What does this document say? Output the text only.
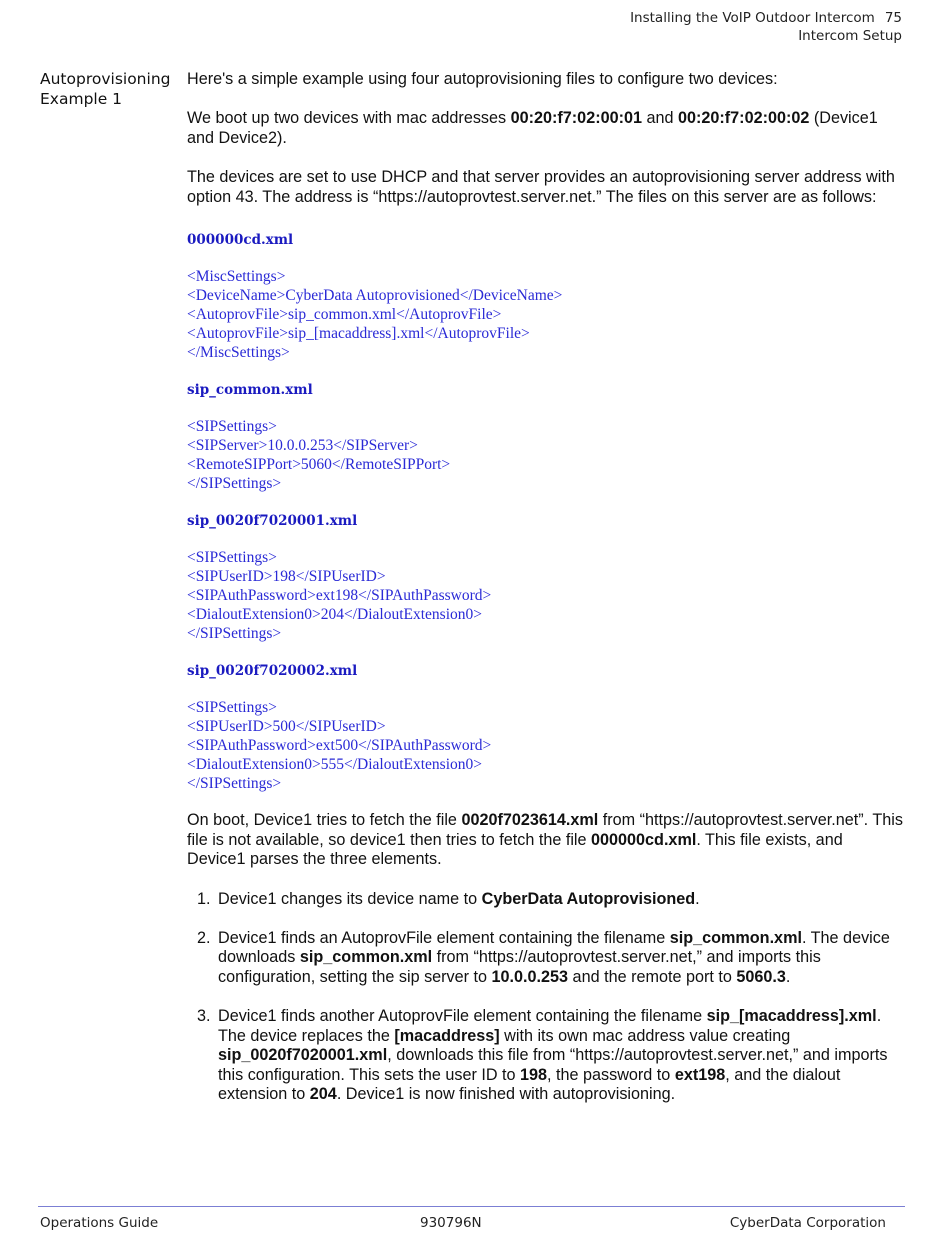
Installing the VoIP Outdoor Intercom 75
Intercom Setup
Autoprovisioning
Example 1

Here's a simple example using four autoprovisioning files to configure two devices:

We boot up two devices with mac addresses 00:20:f7:02:00:01 and 00:20:f7:02:00:02 (Device1 and Device2).

The devices are set to use DHCP and that server provides an autoprovisioning server address with option 43. The address is “https://autoprovtest.server.net.” The files on this server are as follows:

000000cd.xml
<MiscSettings>
<DeviceName>CyberData Autoprovisioned</DeviceName>
<AutoprovFile>sip_common.xml</AutoprovFile>
<AutoprovFile>sip_[macaddress].xml</AutoprovFile>
</MiscSettings>
sip_common.xml
<SIPSettings>
<SIPServer>10.0.0.253</SIPServer>
<RemoteSIPPort>5060</RemoteSIPPort>
</SIPSettings>
sip_0020f7020001.xml
<SIPSettings>
<SIPUserID>198</SIPUserID>
<SIPAuthPassword>ext198</SIPAuthPassword>
<DialoutExtension0>204</DialoutExtension0>
</SIPSettings>
sip_0020f7020002.xml
<SIPSettings>
<SIPUserID>500</SIPUserID>
<SIPAuthPassword>ext500</SIPAuthPassword>
<DialoutExtension0>555</DialoutExtension0>
</SIPSettings>

On boot, Device1 tries to fetch the file 0020f7023614.xml from “https://autoprovtest.server.net”. This file is not available, so device1 then tries to fetch the file 000000cd.xml. This file exists, and Device1 parses the three elements.

1. Device1 changes its device name to CyberData Autoprovisioned.
2. Device1 finds an AutoprovFile element containing the filename sip_common.xml. The device downloads sip_common.xml from “https://autoprovtest.server.net,” and imports this configuration, setting the sip server to 10.0.0.253 and the remote port to 5060.3.
3. Device1 finds another AutoprovFile element containing the filename sip_[macaddress].xml. The device replaces the [macaddress] with its own mac address value creating sip_0020f7020001.xml, downloads this file from “https://autoprovtest.server.net,” and imports this configuration. This sets the user ID to 198, the password to ext198, and the dialout extension to 204. Device1 is now finished with autoprovisioning.
Operations Guide	930796N	CyberData Corporation
